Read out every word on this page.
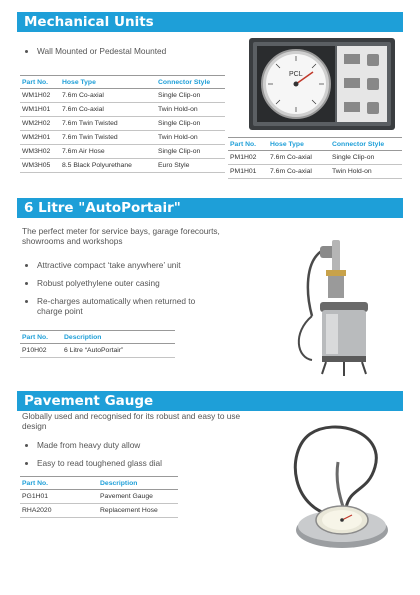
Mechanical Units
Wall Mounted or Pedestal Mounted
Part No.	Hose Type	Connector Style
WM1H02	7.6m Co-axial	Single Clip-on
WM1H01	7.6m Co-axial	Twin Hold-on
WM2H02	7.6m Twin Twisted	Single Clip-on
WM2H01	7.6m Twin Twisted	Twin Hold-on
WM3H02	7.6m Air Hose	Single Clip-on
WM3H05	8.5 Black Polyurethane	Euro Style
PCL
Part No.	Hose Type	Connector Style
PM1H02	7.6m Co-axial	Single Clip-on
PM1H01	7.6m Co-axial	Twin Hold-on
6 Litre "AutoPortair"
The perfect meter for service bays, garage forecourts,
showrooms and workshops
Attractive compact ‘take anywhere’ unit
Robust polyethylene outer casing
Re-charges automatically when returned to
charge point
Part No.	Description
P10H02	6 Litre “AutoPortair”
Pavement Gauge
Globally used and recognised for its robust and easy to use
design
Made from heavy duty allow
Easy to read toughened glass dial
Part No.	Description
PG1H01	Pavement Gauge
RHA2020	Replacement Hose
